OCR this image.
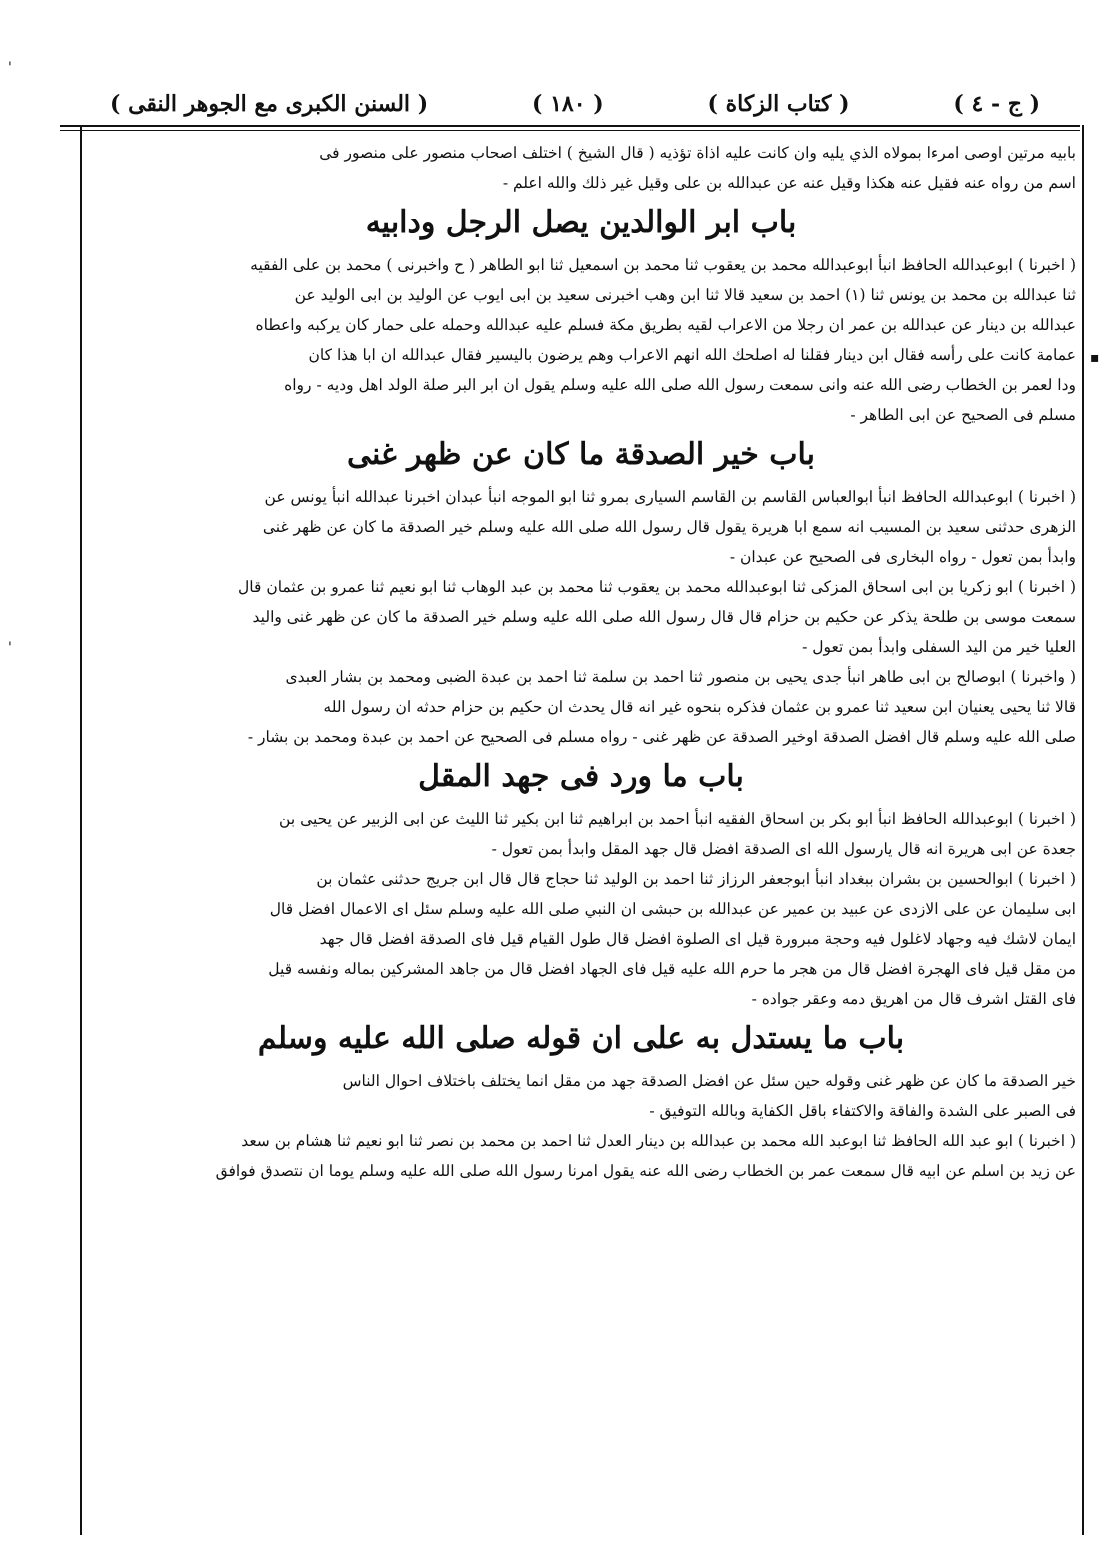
'
▪
'
( السنن الكبرى مع الجوهر النقى )	( ١٨٠ )	( كتاب الزكاة )	( ج - ٤ )
بابيه مرتين اوصى امرءا بمولاه الذي يليه وان كانت عليه اذاة تؤذيه ( قال الشيخ ) اختلف اصحاب منصور على منصور فى
اسم من رواه عنه فقيل عنه هكذا وقيل عنه عن عبدالله بن على وقيل غير ذلك والله اعلم -
باب ابر الوالدين يصل الرجل ودابيه
( اخبرنا ) ابوعبدالله الحافظ انبأ ابوعبدالله محمد بن يعقوب ثنا محمد بن اسمعيل ثنا ابو الطاهر ( ح واخبرنى ) محمد بن على الفقيه
ثنا عبدالله بن محمد بن يونس ثنا (١) احمد بن سعيد قالا ثنا ابن وهب اخبرنى سعيد بن ابى ايوب عن الوليد بن ابى الوليد عن
عبدالله بن دينار عن عبدالله بن عمر ان رجلا من الاعراب لقيه بطريق مكة فسلم عليه عبدالله وحمله على حمار كان يركبه واعطاه
عمامة كانت على رأسه فقال ابن دينار فقلنا له اصلحك الله انهم الاعراب وهم يرضون باليسير فقال عبدالله ان ابا هذا كان
ودا لعمر بن الخطاب رضى الله عنه وانى سمعت رسول الله صلى الله عليه وسلم يقول ان ابر البر صلة الولد اهل وديه - رواه
مسلم فى الصحيح عن ابى الطاهر -
باب خير الصدقة ما كان عن ظهر غنى
( اخبرنا ) ابوعبدالله الحافظ انبأ ابوالعباس القاسم بن القاسم السيارى بمرو ثنا ابو الموجه انبأ عبدان اخبرنا عبدالله انبأ يونس عن
الزهرى حدثنى سعيد بن المسيب انه سمع ابا هريرة يقول قال رسول الله صلى الله عليه وسلم خير الصدقة ما كان عن ظهر غنى
وابدأ بمن تعول - رواه البخارى فى الصحيح عن عبدان -
( اخبرنا ) ابو زكريا بن ابى اسحاق المزكى ثنا ابوعبدالله محمد بن يعقوب ثنا محمد بن عبد الوهاب ثنا ابو نعيم ثنا عمرو بن عثمان قال
سمعت موسى بن طلحة يذكر عن حكيم بن حزام قال قال رسول الله صلى الله عليه وسلم خير الصدقة ما كان عن ظهر غنى واليد
العليا خير من اليد السفلى وابدأ بمن تعول -
( واخبرنا ) ابوصالح بن ابى طاهر انبأ جدى يحيى بن منصور ثنا احمد بن سلمة ثنا احمد بن عبدة الضبى ومحمد بن بشار العبدى
قالا ثنا يحيى يعنيان ابن سعيد ثنا عمرو بن عثمان فذكره بنحوه غير انه قال يحدث ان حكيم بن حزام حدثه ان رسول الله
صلى الله عليه وسلم قال افضل الصدقة اوخير الصدقة عن ظهر غنى - رواه مسلم فى الصحيح عن احمد بن عبدة ومحمد بن بشار -
باب ما ورد فى جهد المقل
( اخبرنا ) ابوعبدالله الحافظ انبأ ابو بكر بن اسحاق الفقيه انبأ احمد بن ابراهيم ثنا ابن بكير ثنا الليث عن ابى الزبير عن يحيى بن
جعدة عن ابى هريرة انه قال يارسول الله اى الصدقة افضل قال جهد المقل وابدأ بمن تعول -
( اخبرنا ) ابوالحسين بن بشران ببغداد انبأ ابوجعفر الرزاز ثنا احمد بن الوليد ثنا حجاج قال قال ابن جريج حدثنى عثمان بن
ابى سليمان عن على الازدى عن عبيد بن عمير عن عبدالله بن حبشى ان النبي صلى الله عليه وسلم سئل اى الاعمال افضل قال
ايمان لاشك فيه وجهاد لاغلول فيه وحجة مبرورة قيل اى الصلوة افضل قال طول القيام قيل فاى الصدقة افضل قال جهد
من مقل قيل فاى الهجرة افضل قال من هجر ما حرم الله عليه قيل فاى الجهاد افضل قال من جاهد المشركين بماله ونفسه قيل
فاى القتل اشرف قال من اهريق دمه وعقر جواده -
باب ما يستدل به على ان قوله صلى الله عليه وسلم
خير الصدقة ما كان عن ظهر غنى وقوله حين سئل عن افضل الصدقة جهد من مقل انما يختلف باختلاف احوال الناس
فى الصبر على الشدة والفاقة والاكتفاء باقل الكفاية وبالله التوفيق -
( اخبرنا ) ابو عبد الله الحافظ ثنا ابوعبد الله محمد بن عبدالله بن دينار العدل ثنا احمد بن محمد بن نصر ثنا ابو نعيم ثنا هشام بن سعد
عن زيد بن اسلم عن ابيه قال سمعت عمر بن الخطاب رضى الله عنه يقول امرنا رسول الله صلى الله عليه وسلم يوما ان نتصدق فوافق
